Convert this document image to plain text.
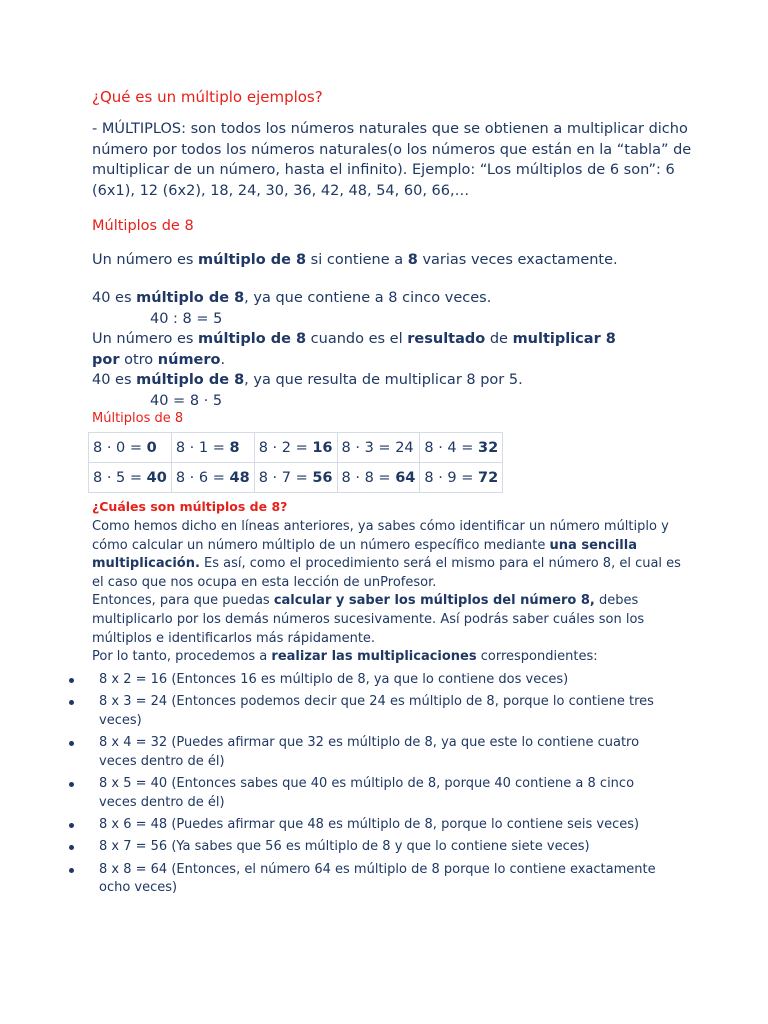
¿Qué es un múltiplo ejemplos?
- MÚLTIPLOS: son todos los números naturales que se obtienen a multiplicar dicho número por todos los números naturales(o los números que están en la “tabla” de multiplicar de un número, hasta el infinito). Ejemplo: “Los múltiplos de 6 son”: 6 (6x1), 12 (6x2), 18, 24, 30, 36, 42, 48, 54, 60, 66,…
Múltiplos de 8
Un número es múltiplo de 8 si contiene a 8 varias veces exactamente.
40 es múltiplo de 8, ya que contiene a 8 cinco veces.
40 : 8 = 5
Un número es múltiplo de 8 cuando es el resultado de multiplicar 8
por otro número.
40 es múltiplo de 8, ya que resulta de multiplicar 8 por 5.
40 = 8 · 5
Múltiplos de 8
8 · 0 = 0	8 · 1 = 8	8 · 2 = 16	8 · 3 = 24	8 · 4 = 32
8 · 5 = 40	8 · 6 = 48	8 · 7 = 56	8 · 8 = 64	8 · 9 = 72
¿Cuáles son múltiplos de 8?
Como hemos dicho en líneas anteriores, ya sabes cómo identificar un número múltiplo y cómo calcular un número múltiplo de un número específico mediante una sencilla multiplicación. Es así, como el procedimiento será el mismo para el número 8, el cual es el caso que nos ocupa en esta lección de unProfesor.
Entonces, para que puedas calcular y saber los múltiplos del número 8, debes multiplicarlo por los demás números sucesivamente. Así podrás saber cuáles son los múltiplos e identificarlos más rápidamente.
Por lo tanto, procedemos a realizar las multiplicaciones correspondientes:
8 x 2 = 16 (Entonces 16 es múltiplo de 8, ya que lo contiene dos veces)
8 x 3 = 24 (Entonces podemos decir que 24 es múltiplo de 8, porque lo contiene tres veces)
8 x 4 = 32 (Puedes afirmar que 32 es múltiplo de 8, ya que este lo contiene cuatro veces dentro de él)
8 x 5 = 40 (Entonces sabes que 40 es múltiplo de 8, porque 40 contiene a 8 cinco veces dentro de él)
8 x 6 = 48 (Puedes afirmar que 48 es múltiplo de 8, porque lo contiene seis veces)
8 x 7 = 56 (Ya sabes que 56 es múltiplo de 8 y que lo contiene siete veces)
8 x 8 = 64 (Entonces, el número 64 es múltiplo de 8 porque lo contiene exactamente ocho veces)
